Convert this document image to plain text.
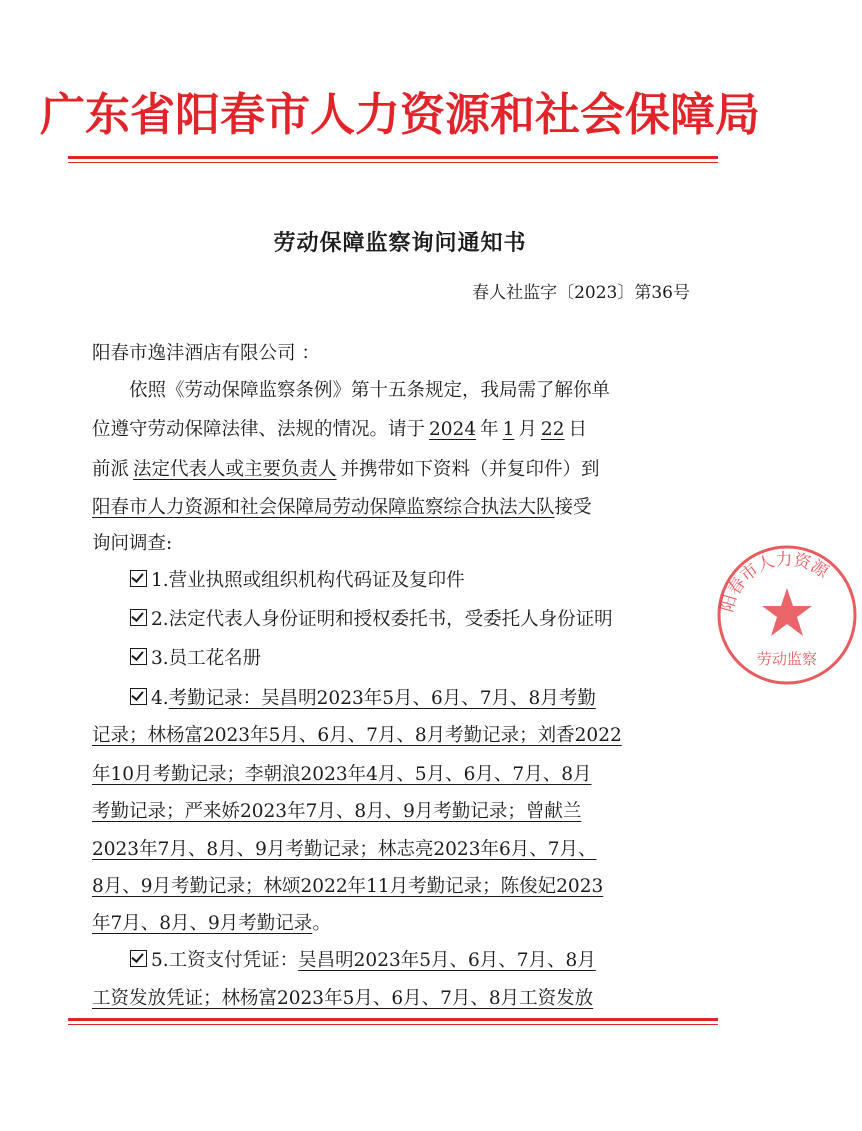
广东省阳春市人力资源和社会保障局
劳动保障监察询问通知书
春人社监字〔2023〕第36号
阳春市逸沣酒店有限公司 ：
依照《劳动保障监察条例》第十五条规定，我局需了解你单
位遵守劳动保障法律、法规的情况。请于 2024 年 1 月 22 日
前派 法定代表人或主要负责人 并携带如下资料（并复印件）到
阳春市人力资源和社会保障局劳动保障监察综合执法大队接受
询问调查:
1.营业执照或组织机构代码证及复印件
2.法定代表人身份证明和授权委托书，受委托人身份证明
3.员工花名册
4.考勤记录：吴昌明2023年5月、6月、7月、8月考勤
记录；林杨富2023年5月、6月、7月、8月考勤记录；刘香2022
年10月考勤记录；李朝浪2023年4月、5月、6月、7月、8月
考勤记录；严来娇2023年7月、8月、9月考勤记录；曾献兰
2023年7月、8月、9月考勤记录；林志亮2023年6月、7月、
8月、9月考勤记录；林颂2022年11月考勤记录；陈俊妃2023
年7月、8月、9月考勤记录。
5.工资支付凭证：吴昌明2023年5月、6月、7月、8月
工资发放凭证；林杨富2023年5月、6月、7月、8月工资发放
阳春市人力资源
劳动监察
